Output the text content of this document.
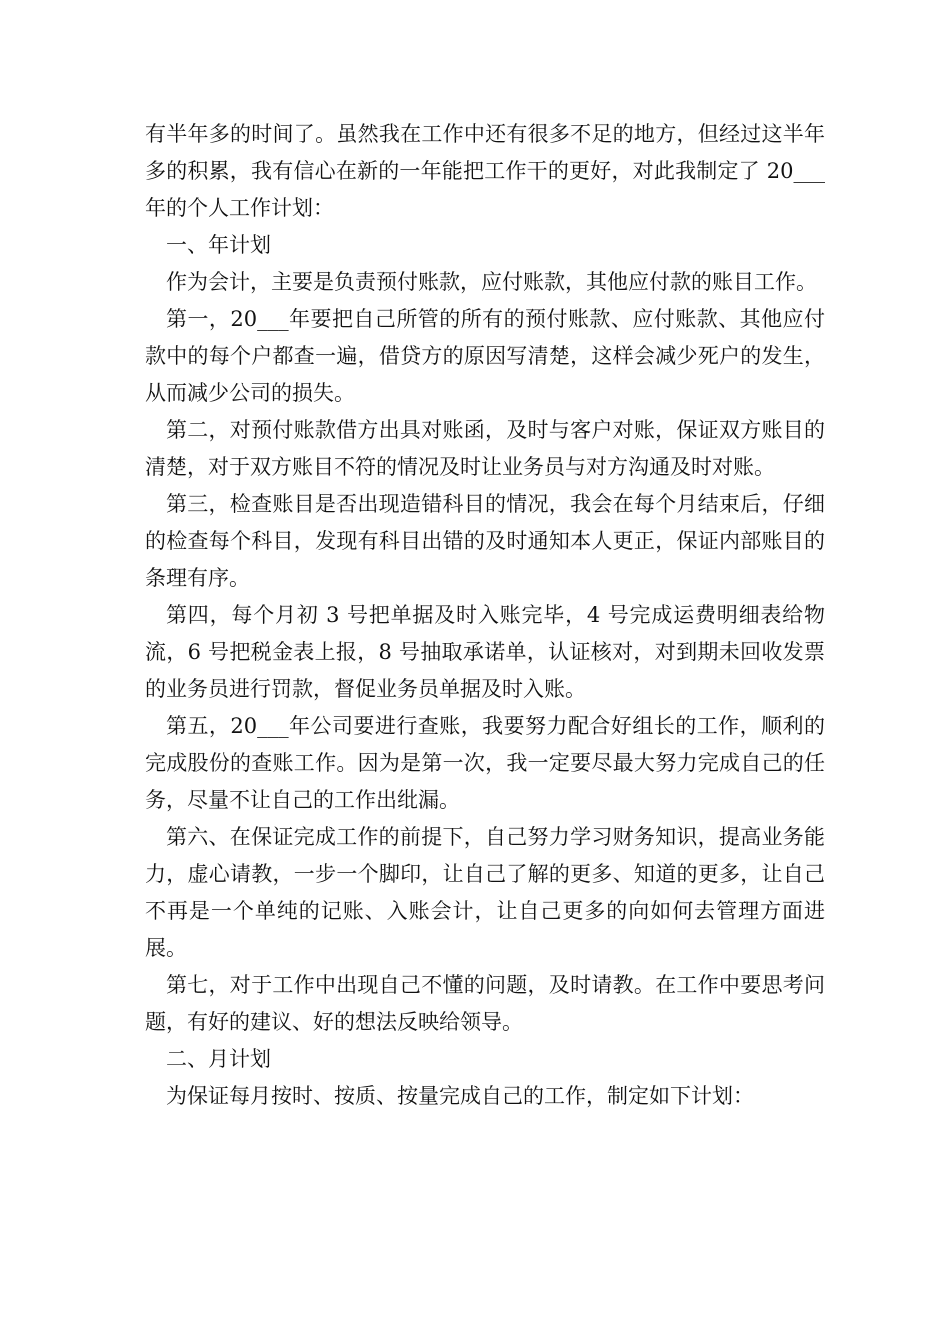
有半年多的时间了。虽然我在工作中还有很多不足的地方，但经过这半年多的积累，我有信心在新的一年能把工作干的更好，对此我制定了 20___年的个人工作计划：

一、年计划

作为会计，主要是负责预付账款，应付账款，其他应付款的账目工作。

第一，20___年要把自己所管的所有的预付账款、应付账款、其他应付款中的每个户都查一遍，借贷方的原因写清楚，这样会减少死户的发生，从而减少公司的损失。

第二，对预付账款借方出具对账函，及时与客户对账，保证双方账目的清楚，对于双方账目不符的情况及时让业务员与对方沟通及时对账。

第三，检查账目是否出现造错科目的情况，我会在每个月结束后，仔细的检查每个科目，发现有科目出错的及时通知本人更正，保证内部账目的条理有序。

第四，每个月初 3 号把单据及时入账完毕，4 号完成运费明细表给物流，6 号把税金表上报，8 号抽取承诺单，认证核对，对到期未回收发票的业务员进行罚款，督促业务员单据及时入账。

第五，20___年公司要进行查账，我要努力配合好组长的工作，顺利的完成股份的查账工作。因为是第一次，我一定要尽最大努力完成自己的任务，尽量不让自己的工作出纰漏。

第六、在保证完成工作的前提下，自己努力学习财务知识，提高业务能力，虚心请教，一步一个脚印，让自己了解的更多、知道的更多，让自己不再是一个单纯的记账、入账会计，让自己更多的向如何去管理方面进展。

第七，对于工作中出现自己不懂的问题，及时请教。在工作中要思考问题，有好的建议、好的想法反映给领导。

二、月计划

为保证每月按时、按质、按量完成自己的工作，制定如下计划：
